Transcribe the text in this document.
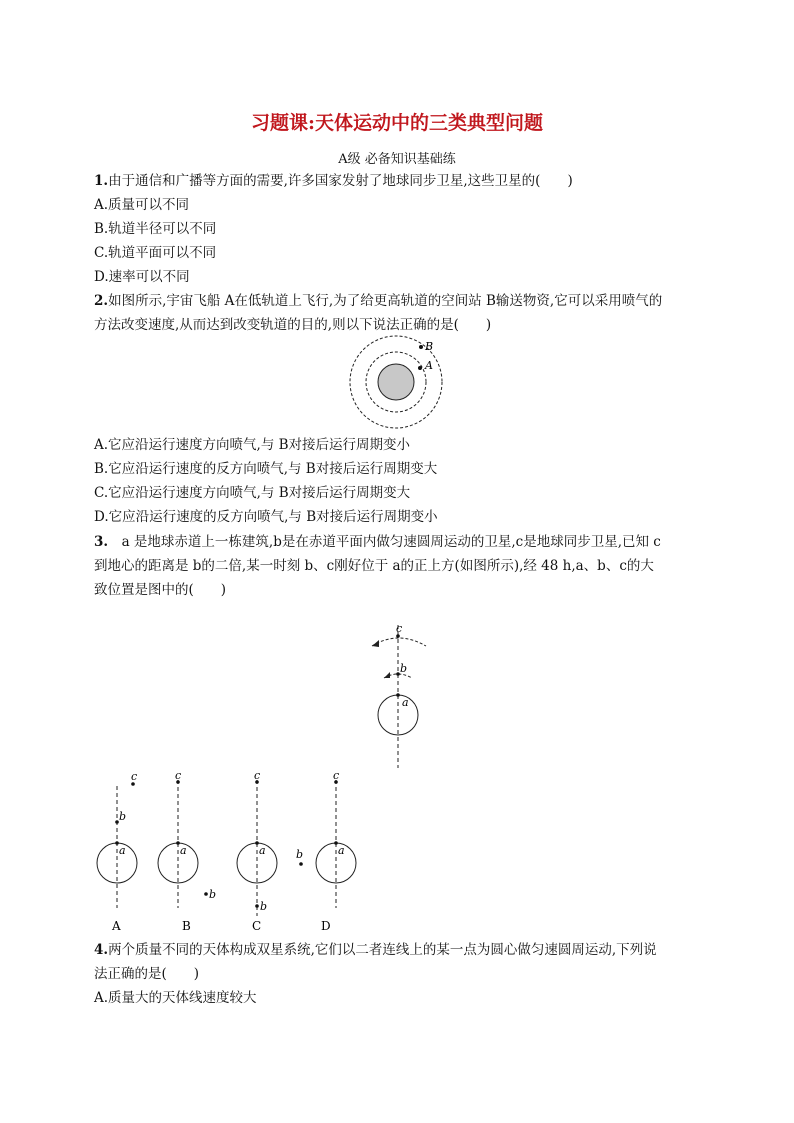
习题课:天体运动中的三类典型问题
A级 必备知识基础练
1.由于通信和广播等方面的需要,许多国家发射了地球同步卫星,这些卫星的(　　)
A.质量可以不同
B.轨道半径可以不同
C.轨道平面可以不同
D.速率可以不同
2.如图所示,宇宙飞船 A在低轨道上飞行,为了给更高轨道的空间站 B输送物资,它可以采用喷气的
方法改变速度,从而达到改变轨道的目的,则以下说法正确的是(　　)
B
A
A.它应沿运行速度方向喷气,与 B对接后运行周期变小
B.它应沿运行速度的反方向喷气,与 B对接后运行周期变大
C.它应沿运行速度方向喷气,与 B对接后运行周期变大
D.它应沿运行速度的反方向喷气,与 B对接后运行周期变小
3.　a 是地球赤道上一栋建筑,b是在赤道平面内做匀速圆周运动的卫星,c是地球同步卫星,已知 c
到地心的距离是 b的二倍,某一时刻 b、c刚好位于 a的正上方(如图所示),经 48 h,a、b、c的大
致位置是图中的(　　)
c
b
a
c
b
a
A
c
a
b
B
c
a
b
C
c
a
b
D
4.两个质量不同的天体构成双星系统,它们以二者连线上的某一点为圆心做匀速圆周运动,下列说
法正确的是(　　)
A.质量大的天体线速度较大
